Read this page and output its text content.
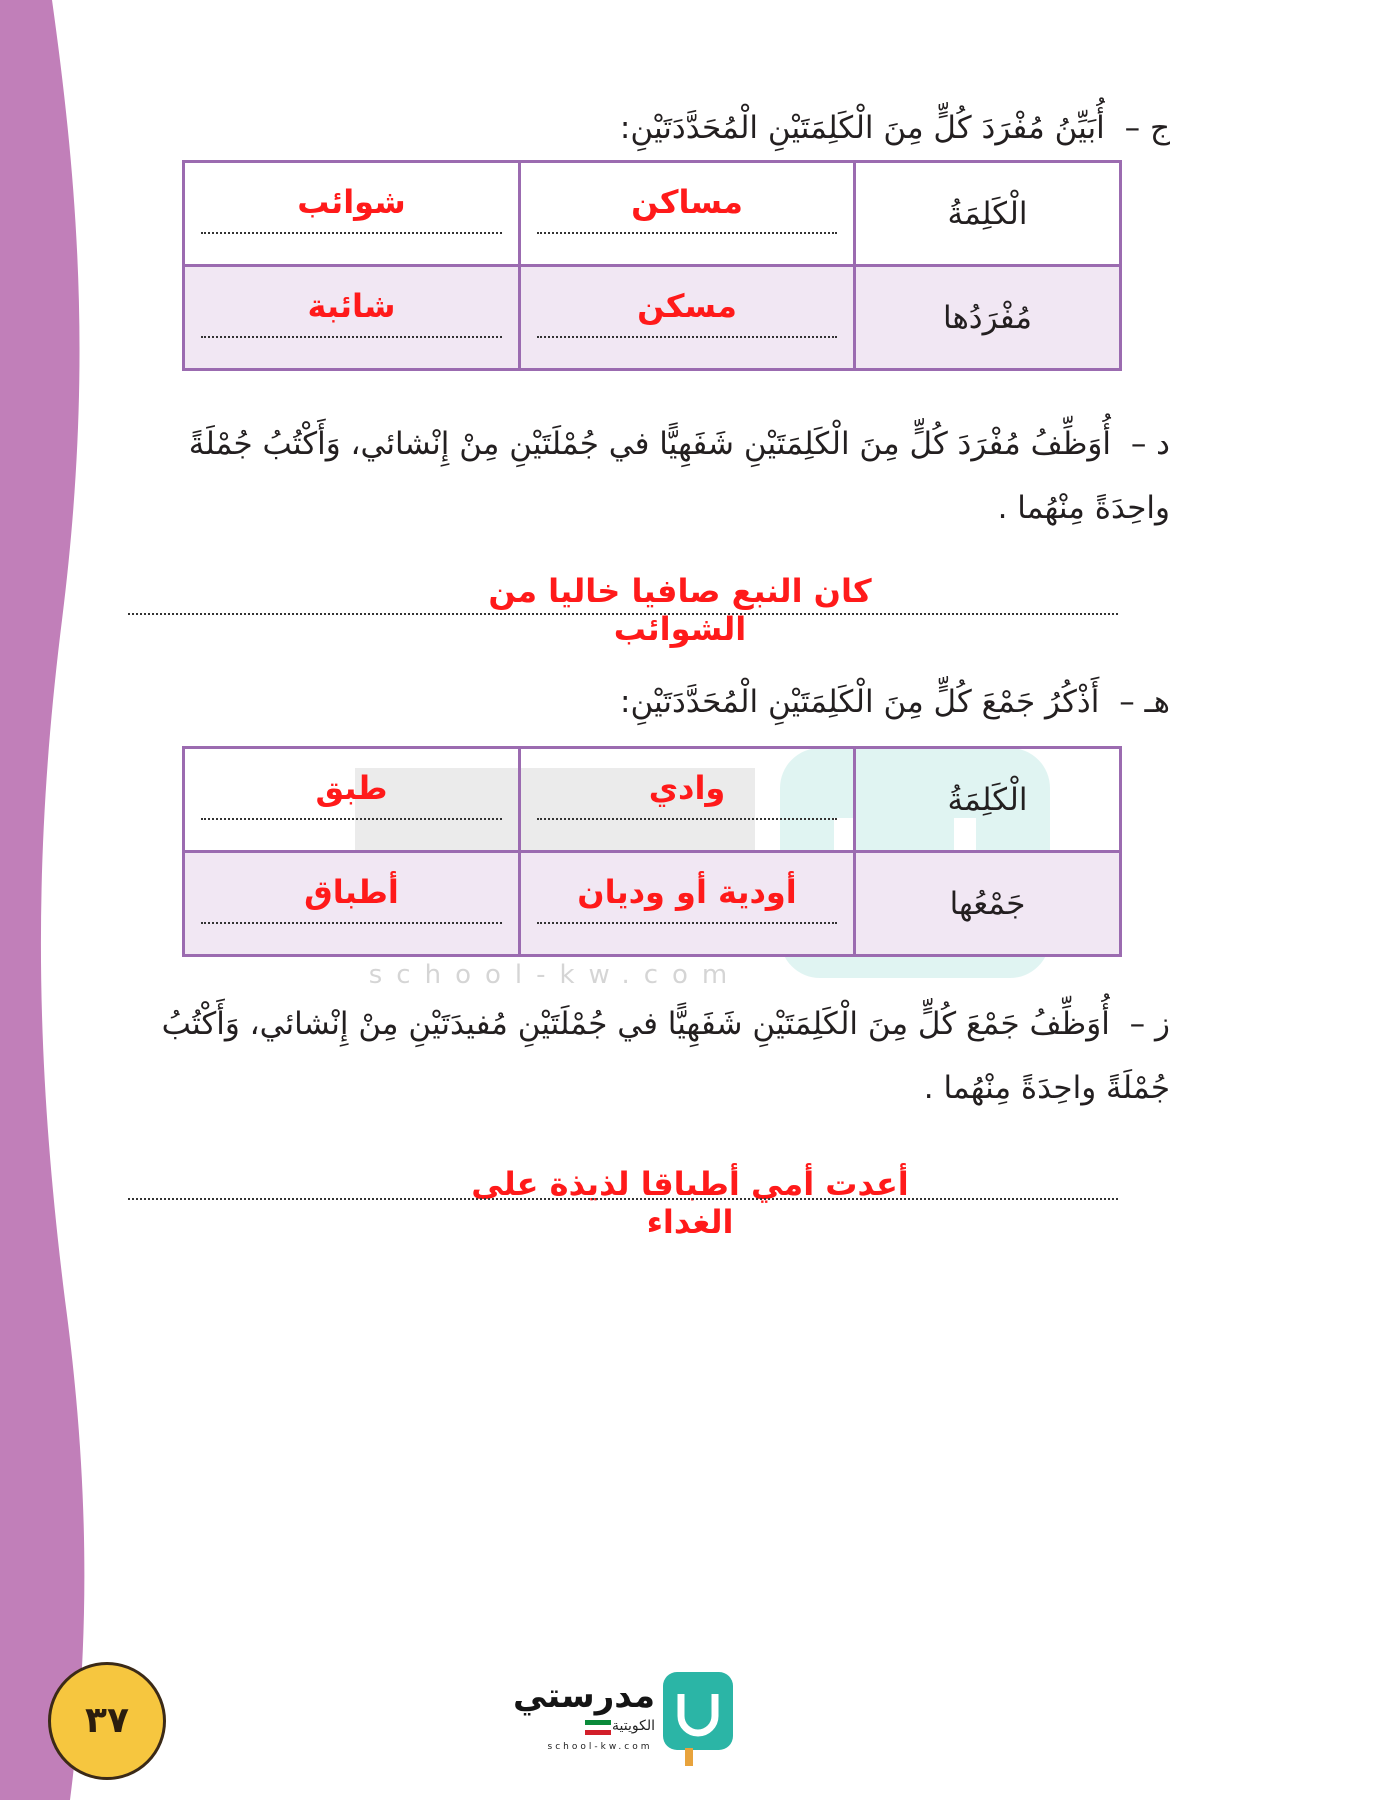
school-kw.com
ج – أُبَيِّنُ مُفْرَدَ كُلٍّ مِنَ الْكَلِمَتَيْنِ الْمُحَدَّدَتَيْنِ:
الْكَلِمَةُ	مساكن	شوائب

مُفْرَدُها	مسكن	شائبة
د – أُوَظِّفُ مُفْرَدَ كُلٍّ مِنَ الْكَلِمَتَيْنِ شَفَهِيًّا في جُمْلَتَيْنِ مِنْ إِنْشائي، وَأَكْتُبُ جُمْلَةً واحِدَةً مِنْهُما .
كان النبع صافيا خاليا من الشوائب
هـ – أَذْكُرُ جَمْعَ كُلٍّ مِنَ الْكَلِمَتَيْنِ الْمُحَدَّدَتَيْنِ:
الْكَلِمَةُ	وادي	طبق

جَمْعُها	أودية أو وديان	أطباق
ز – أُوَظِّفُ جَمْعَ كُلٍّ مِنَ الْكَلِمَتَيْنِ شَفَهِيًّا في جُمْلَتَيْنِ مُفيدَتَيْنِ مِنْ إِنْشائي، وَأَكْتُبُ جُمْلَةً واحِدَةً مِنْهُما .
أعدت أمي أطباقا لذيذة على الغداء
٣٧
مدرستي
الكويتية
school-kw.com
